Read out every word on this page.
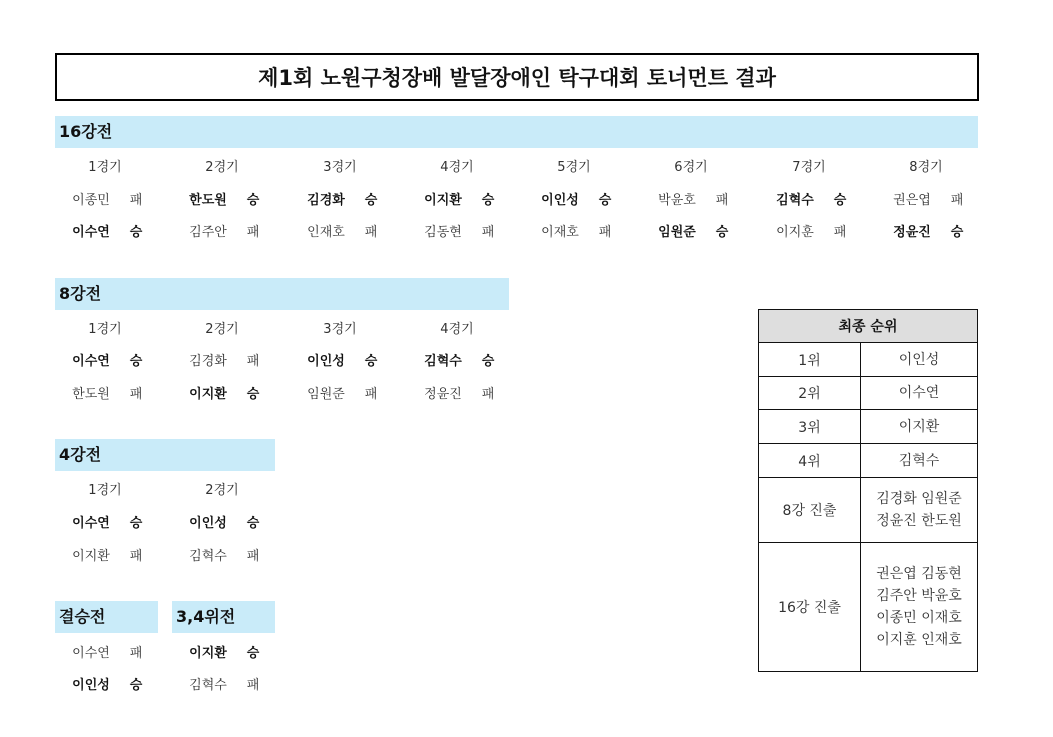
제1회 노원구청장배 발달장애인 탁구대회 토너먼트 결과
16강전
1경기
이종민	패
이수연	승
2경기
한도원	승
김주안	패
3경기
김경화	승
인재호	패
4경기
이지환	승
김동현	패
5경기
이인성	승
이재호	패
6경기
박윤호	패
임원준	승
7경기
김혁수	승
이지훈	패
8경기
권은엽	패
정윤진	승
8강전
1경기
이수연	승
한도원	패
2경기
김경화	패
이지환	승
3경기
이인성	승
임원준	패
4경기
김혁수	승
정윤진	패
4강전
1경기
이수연	승
이지환	패
2경기
이인성	승
김혁수	패
결승전
이수연	패
이인성	승
3,4위전
이지환	승
김혁수	패
최종 순위	
1위	이인성

2위	이수연

3위	이지환

4위	김혁수

8강 진출	김경화 임원준
정윤진 한도원

16강 진출	권은엽 김동현
김주안 박윤호
이종민 이재호
이지훈 인재호
